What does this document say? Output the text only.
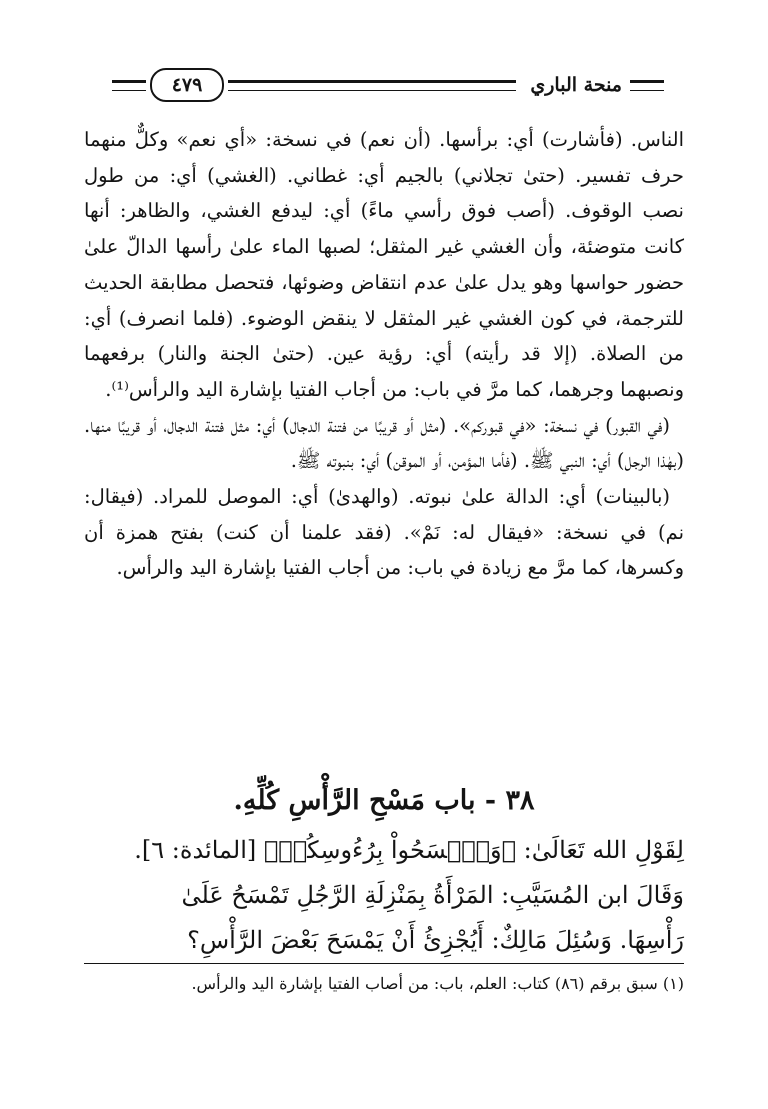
منحة الباري
٤٧٩

الناس. (فأشارت) أي: برأسها. (أن نعم) في نسخة: «أي نعم» وكلٌّ منهما حرف تفسير. (حتىٰ تجلاني) بالجيم أي: غطاني. (الغشي) أي: من طول نصب الوقوف. (أصب فوق رأسي ماءً) أي: ليدفع الغشي، والظاهر: أنها كانت متوضئة، وأن الغشي غير المثقل؛ لصبها الماء علىٰ رأسها الدالّ علىٰ حضور حواسها وهو يدل علىٰ عدم انتقاض وضوئها، فتحصل مطابقة الحديث للترجمة، في كون الغشي غير المثقل لا ينقض الوضوء. (فلما انصرف) أي: من الصلاة. (إلا قد رأيته) أي: رؤية عين. (حتىٰ الجنة والنار) برفعهما ونصبهما وجرهما، كما مرَّ في باب: من أجاب الفتيا بإشارة اليد والرأس⁽¹⁾.

(في القبور) في نسخة: «في قبوركم». (مثل أو قريبًا من فتنة الدجال) أي: مثل فتنة الدجال، أو قريبًا منها. (بهٰذا الرجل) أي: النبي ﷺ. (فأما المؤمن، أو الموقن) أي: بنبوته ﷺ.

(بالبينات) أي: الدالة علىٰ نبوته. (والهدىٰ) أي: الموصل للمراد. (فيقال: نم) في نسخة: «فيقال له: نَمْ». (فقد علمنا أن كنت) بفتح همزة أن وكسرها، كما مرَّ مع زيادة في باب: من أجاب الفتيا بإشارة اليد والرأس.

٣٨ - باب مَسْحِ الرَّأْسِ كُلِّهِ.

لِقَوْلِ الله تَعَالَىٰ: ﴿وَٱمۡسَحُواْ بِرُءُوسِكُمۡ﴾ [المائدة: ٦].

وَقَالَ ابن المُسَيَّبِ: المَرْأَةُ بِمَنْزِلَةِ الرَّجُلِ تَمْسَحُ عَلَىٰ

رَأْسِهَا. وَسُئِلَ مَالِكٌ: أَيُجْزِئُ أَنْ يَمْسَحَ بَعْضَ الرَّأْسِ؟

(١) سبق برقم (٨٦) كتاب: العلم، باب: من أصاب الفتيا بإشارة اليد والرأس.
